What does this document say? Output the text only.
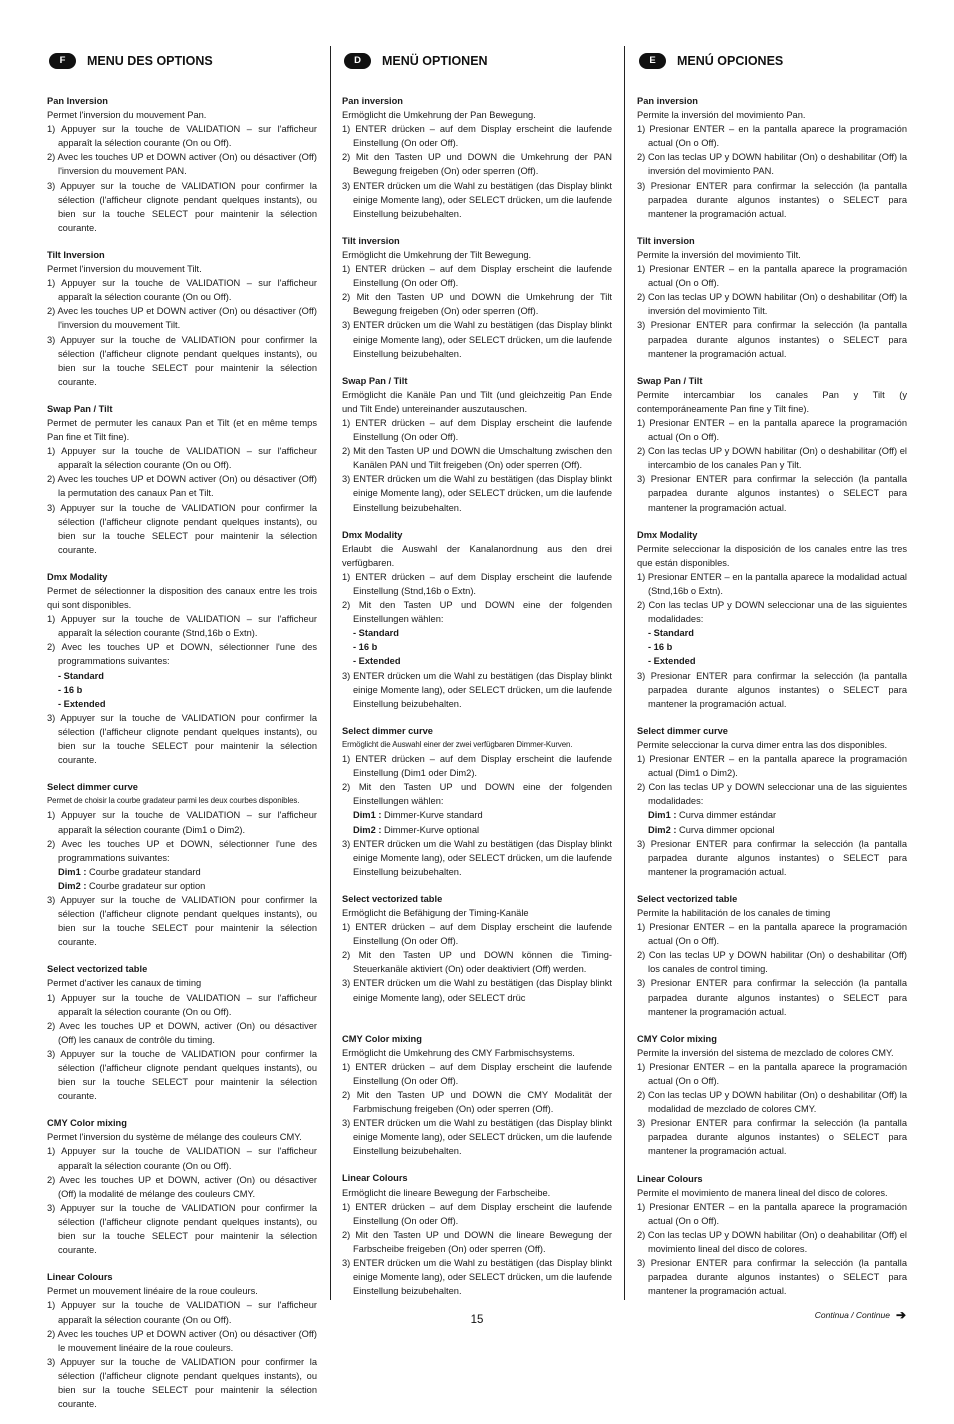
F	MENU DES OPTIONS
Pan Inversion
Permet l'inversion du mouvement Pan.
1) Appuyer sur la touche de VALIDATION – sur l'afficheur apparaît la sélection courante (On ou Off).
2) Avec les touches UP et DOWN activer (On) ou désactiver (Off) l'inversion du mouvement PAN.
3) Appuyer sur la touche de VALIDATION pour confirmer la sélection (l'afficheur clignote pendant quelques instants), ou bien sur la touche SELECT pour maintenir la sélection courante.
Tilt Inversion
Permet l'inversion du mouvement Tilt.
1) Appuyer sur la touche de VALIDATION – sur l'afficheur apparaît la sélection courante (On ou Off).
2) Avec les touches UP et DOWN activer (On) ou désactiver (Off) l'inversion du mouvement Tilt.
3) Appuyer sur la touche de VALIDATION pour confirmer la sélection (l'afficheur clignote pendant quelques instants), ou bien sur la touche SELECT pour maintenir la sélection courante.
Swap Pan / Tilt
Permet de permuter les canaux Pan et Tilt (et en même temps Pan fine et Tilt fine).
1) Appuyer sur la touche de VALIDATION – sur l'afficheur apparaît la sélection courante (On ou Off).
2) Avec les touches UP et DOWN activer (On) ou désactiver (Off) la permutation des canaux Pan et Tilt.
3) Appuyer sur la touche de VALIDATION pour confirmer la sélection (l'afficheur clignote pendant quelques instants), ou bien sur la touche SELECT pour maintenir la sélection courante.
Dmx Modality
Permet de sélectionner la disposition des canaux entre les trois qui sont disponibles.
1) Appuyer sur la touche de VALIDATION – sur l'afficheur apparaît la sélection courante (Stnd,16b o Extn).
2) Avec les touches UP et DOWN, sélectionner l'une des programmations suivantes:
- Standard
- 16 b
- Extended
3) Appuyer sur la touche de VALIDATION pour confirmer la sélection (l'afficheur clignote pendant quelques instants), ou bien sur la touche SELECT pour maintenir la sélection courante.
Select dimmer curve
Permet de choisir la courbe gradateur parmi les deux courbes disponibles.
1) Appuyer sur la touche de VALIDATION – sur l'afficheur apparaît la sélection courante (Dim1 o Dim2).
2) Avec les touches UP et DOWN, sélectionner l'une des programmations suivantes:
Dim1 : Courbe gradateur standard
Dim2 : Courbe gradateur sur option
3) Appuyer sur la touche de VALIDATION pour confirmer la sélection (l'afficheur clignote pendant quelques instants), ou bien sur la touche SELECT pour maintenir la sélection courante.
Select vectorized table
Permet d'activer les canaux de timing
1) Appuyer sur la touche de VALIDATION – sur l'afficheur apparaît la sélection courante (On ou Off).
2) Avec les touches UP et DOWN, activer (On) ou désactiver (Off) les canaux de contrôle du timing.
3) Appuyer sur la touche de VALIDATION pour confirmer la sélection (l'afficheur clignote pendant quelques instants), ou bien sur la touche SELECT pour maintenir la sélection courante.
CMY Color mixing
Permet l'inversion du système de mélange des couleurs CMY.
1) Appuyer sur la touche de VALIDATION – sur l'afficheur apparaît la sélection courante (On ou Off).
2) Avec les touches UP et DOWN, activer (On) ou désactiver (Off) la modalité de mélange des couleurs CMY.
3) Appuyer sur la touche de VALIDATION pour confirmer la sélection (l'afficheur clignote pendant quelques instants), ou bien sur la touche SELECT pour maintenir la sélection courante.
Linear Colours
Permet un mouvement linéaire de la roue couleurs.
1) Appuyer sur la touche de VALIDATION – sur l'afficheur apparaît la sélection courante (On ou Off).
2) Avec les touches UP et DOWN activer (On) ou désactiver (Off) le mouvement linéaire de la roue couleurs.
3) Appuyer sur la touche de VALIDATION pour confirmer la sélection (l'afficheur clignote pendant quelques instants), ou bien sur la touche SELECT pour maintenir la sélection courante.
D	MENÜ OPTIONEN
Pan inversion
Ermöglicht die Umkehrung der Pan Bewegung.
1) ENTER drücken – auf dem Display erscheint die laufende Einstellung (On oder Off).
2) Mit den Tasten UP und DOWN die Umkehrung der PAN Bewegung freigeben (On) oder sperren (Off).
3) ENTER drücken um die Wahl zu bestätigen (das Display blinkt einige Momente lang), oder SELECT drücken, um die laufende Einstellung beizubehalten.
Tilt inversion
Ermöglicht die Umkehrung der Tilt Bewegung.
1) ENTER drücken – auf dem Display erscheint die laufende Einstellung (On oder Off).
2) Mit den Tasten UP und DOWN die Umkehrung der Tilt Bewegung freigeben (On) oder sperren (Off).
3) ENTER drücken um die Wahl zu bestätigen (das Display blinkt einige Momente lang), oder SELECT drücken, um die laufende Einstellung beizubehalten.
Swap Pan / Tilt
Ermöglicht die Kanäle Pan und Tilt (und gleichzeitig Pan Ende und Tilt Ende) untereinander auszutauschen.
1) ENTER drücken – auf dem Display erscheint die laufende Einstellung (On oder Off).
2) Mit den Tasten UP und DOWN die Umschaltung zwischen den Kanälen PAN und Tilt freigeben (On) oder sperren (Off).
3) ENTER drücken um die Wahl zu bestätigen (das Display blinkt einige Momente lang), oder SELECT drücken, um die laufende Einstellung beizubehalten.
Dmx Modality
Erlaubt die Auswahl der Kanalanordnung aus den drei verfügbaren.
1) ENTER drücken – auf dem Display erscheint die laufende Einstellung (Stnd,16b o Extn).
2) Mit den Tasten UP und DOWN eine der folgenden Einstellungen wählen:
- Standard
- 16 b
- Extended
3) ENTER drücken um die Wahl zu bestätigen (das Display blinkt einige Momente lang), oder SELECT drücken, um die laufende Einstellung beizubehalten.
Select dimmer curve
Ermöglicht die Auswahl einer der zwei verfügbaren Dimmer-Kurven.
1) ENTER drücken – auf dem Display erscheint die laufende Einstellung (Dim1 oder Dim2).
2) Mit den Tasten UP und DOWN eine der folgenden Einstellungen wählen:
Dim1 : Dimmer-Kurve standard
Dim2 : Dimmer-Kurve optional
3) ENTER drücken um die Wahl zu bestätigen (das Display blinkt einige Momente lang), oder SELECT drücken, um die laufende Einstellung beizubehalten.
Select vectorized table
Ermöglicht die Befähigung der Timing-Kanäle
1) ENTER drücken – auf dem Display erscheint die laufende Einstellung (On oder Off).
2) Mit den Tasten UP und DOWN können die Timing-Steuerkanäle aktiviert (On) oder deaktiviert (Off) werden.
3) ENTER drücken um die Wahl zu bestätigen (das Display blinkt einige Momente lang), oder SELECT drüc
CMY Color mixing
Ermöglicht die Umkehrung des CMY Farbmischsystems.
1) ENTER drücken – auf dem Display erscheint die laufende Einstellung (On oder Off).
2) Mit den Tasten UP und DOWN die CMY Modalität der Farbmischung freigeben (On) oder sperren (Off).
3) ENTER drücken um die Wahl zu bestätigen (das Display blinkt einige Momente lang), oder SELECT drücken, um die laufende Einstellung beizubehalten.
Linear Colours
Ermöglicht die lineare Bewegung der Farbscheibe.
1) ENTER drücken – auf dem Display erscheint die laufende Einstellung (On oder Off).
2) Mit den Tasten UP und DOWN die lineare Bewegung der Farbscheibe freigeben (On) oder sperren (Off).
3) ENTER drücken um die Wahl zu bestätigen (das Display blinkt einige Momente lang), oder SELECT drücken, um die laufende Einstellung beizubehalten.
E	MENÚ OPCIONES
Pan inversion
Permite la inversión del movimiento Pan.
1) Presionar ENTER – en la pantalla aparece la programación actual (On o Off).
2) Con las teclas UP y DOWN habilitar (On) o deshabilitar (Off) la inversión del movimiento PAN.
3) Presionar ENTER para confirmar la selección (la pantalla parpadea durante algunos instantes) o SELECT para mantener la programación actual.
Tilt inversion
Permite la inversión del movimiento Tilt.
1) Presionar ENTER – en la pantalla aparece la programación actual (On o Off).
2) Con las teclas UP y DOWN habilitar (On) o deshabilitar (Off) la inversión del movimiento Tilt.
3) Presionar ENTER para confirmar la selección (la pantalla parpadea durante algunos instantes) o SELECT para mantener la programación actual.
Swap Pan / Tilt
Permite intercambiar los canales Pan y Tilt (y contemporáneamente Pan fine y Tilt fine).
1) Presionar ENTER – en la pantalla aparece la programación actual (On o Off).
2) Con las teclas UP y DOWN habilitar (On) o deshabilitar (Off) el intercambio de los canales Pan y Tilt.
3) Presionar ENTER para confirmar la selección (la pantalla parpadea durante algunos instantes) o SELECT para mantener la programación actual.
Dmx Modality
Permite seleccionar la disposición de los canales entre las tres que están disponibles.
1) Presionar ENTER – en la pantalla aparece la modalidad actual (Stnd,16b o Extn).
2) Con las teclas UP y DOWN seleccionar una de las siguientes modalidades:
- Standard
- 16 b
- Extended
3) Presionar ENTER para confirmar la selección (la pantalla parpadea durante algunos instantes) o SELECT para mantener la programación actual.
Select dimmer curve
Permite seleccionar la curva dimer entra las dos disponibles.
1) Presionar ENTER – en la pantalla aparece la programación actual (Dim1 o Dim2).
2) Con las teclas UP y DOWN seleccionar una de las siguientes modalidades:
Dim1 : Curva dimmer estándar
Dim2 : Curva dimmer opcional
3) Presionar ENTER para confirmar la selección (la pantalla parpadea durante algunos instantes) o SELECT para mantener la programación actual.
Select vectorized table
Permite la habilitación de los canales de timing
1) Presionar ENTER – en la pantalla aparece la programación actual (On o Off).
2) Con las teclas UP y DOWN habilitar (On) o deshabilitar (Off) los canales de control timing.
3) Presionar ENTER para confirmar la selección (la pantalla parpadea durante algunos instantes) o SELECT para mantener la programación actual.
CMY Color mixing
Permite la inversión del sistema de mezclado de colores CMY.
1) Presionar ENTER – en la pantalla aparece la programación actual (On o Off).
2) Con las teclas UP y DOWN habilitar (On) o deshabilitar (Off) la modalidad de mezclado de colores CMY.
3) Presionar ENTER para confirmar la selección (la pantalla parpadea durante algunos instantes) o SELECT para mantener la programación actual.
Linear Colours
Permite el movimiento de manera lineal del disco de colores.
1) Presionar ENTER – en la pantalla aparece la programación actual (On o Off).
2) Con las teclas UP y DOWN habilitar (On) o deahabilitar (Off) el movimiento lineal del disco de colores.
3) Presionar ENTER para confirmar la selección (la pantalla parpadea durante algunos instantes) o SELECT para mantener la programación actual.
15	Continua / Continue ➔
